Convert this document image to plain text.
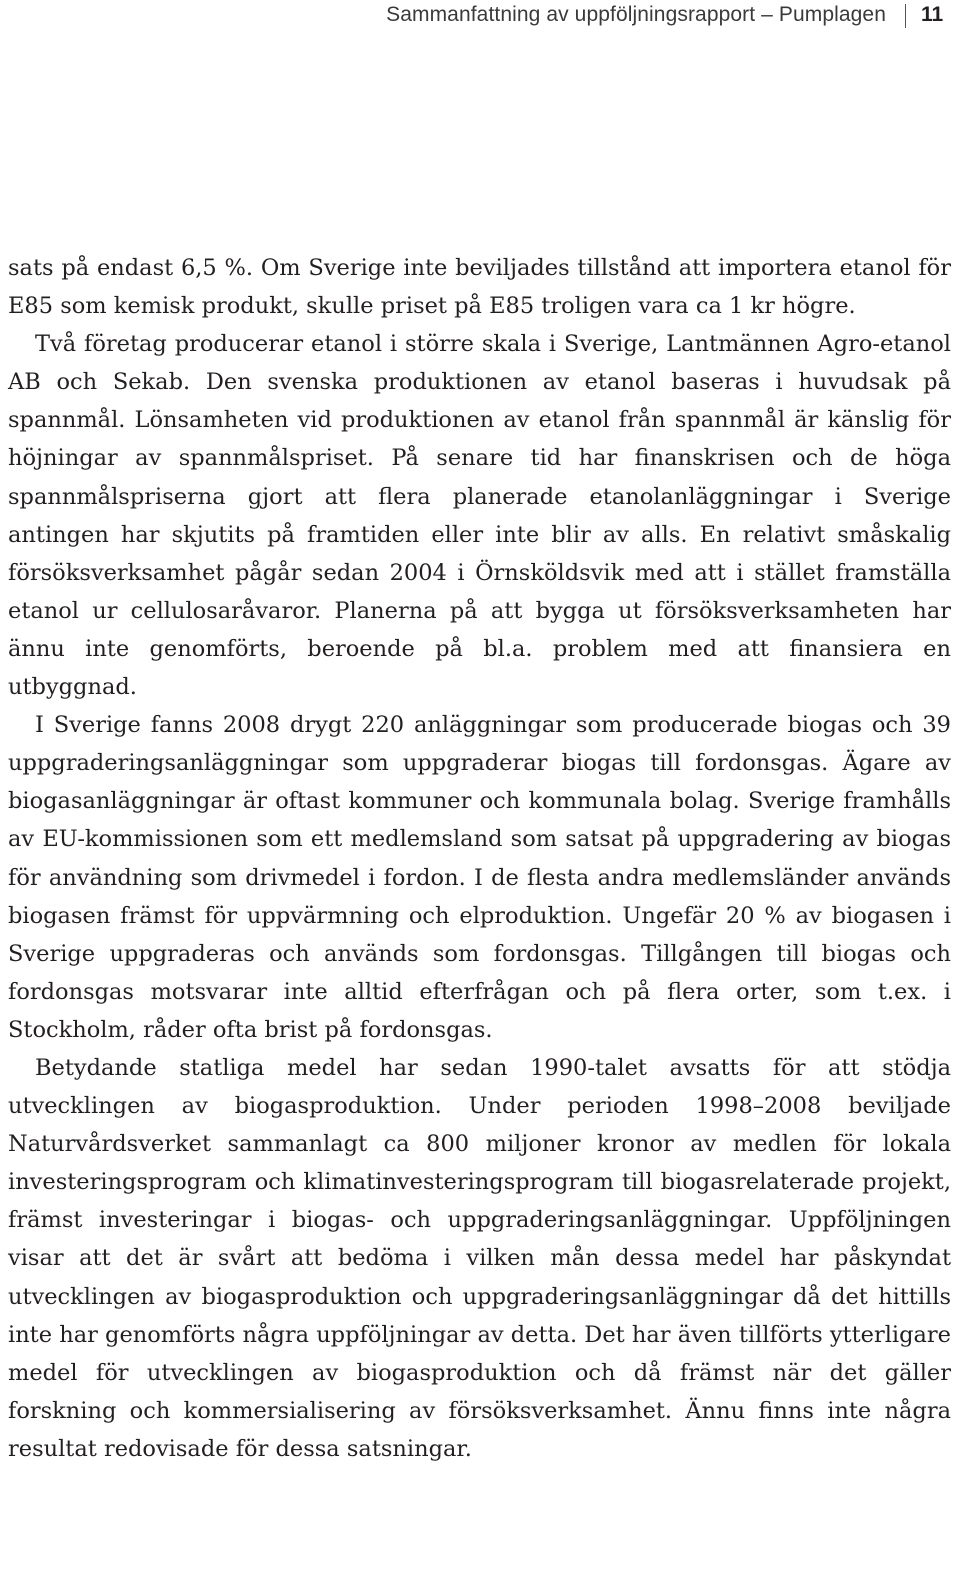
Sammanfattning av uppföljningsrapport – Pumplagen 11

sats på endast 6,5 %. Om Sverige inte beviljades tillstånd att importera etanol för E85 som kemisk produkt, skulle priset på E85 troligen vara ca 1 kr högre.

Två företag producerar etanol i större skala i Sverige, Lantmännen Agro-etanol AB och Sekab. Den svenska produktionen av etanol baseras i huvudsak på spannmål. Lönsamheten vid produktionen av etanol från spannmål är känslig för höjningar av spannmålspriset. På senare tid har finanskrisen och de höga spannmålspriserna gjort att flera planerade etanolanläggningar i Sverige antingen har skjutits på framtiden eller inte blir av alls. En relativt småskalig försöksverksamhet pågår sedan 2004 i Örnsköldsvik med att i stället framställa etanol ur cellulosaråvaror. Planerna på att bygga ut försöksverksamheten har ännu inte genomförts, beroende på bl.a. problem med att finansiera en utbyggnad.

I Sverige fanns 2008 drygt 220 anläggningar som producerade biogas och 39 uppgraderingsanläggningar som uppgraderar biogas till fordonsgas. Ägare av biogasanläggningar är oftast kommuner och kommunala bolag. Sverige framhålls av EU-kommissionen som ett medlemsland som satsat på uppgradering av biogas för användning som drivmedel i fordon. I de flesta andra medlemsländer används biogasen främst för uppvärmning och elproduktion. Ungefär 20 % av biogasen i Sverige uppgraderas och används som fordonsgas. Tillgången till biogas och fordonsgas motsvarar inte alltid efterfrågan och på flera orter, som t.ex. i Stockholm, råder ofta brist på fordonsgas.

Betydande statliga medel har sedan 1990-talet avsatts för att stödja utvecklingen av biogasproduktion. Under perioden 1998–2008 beviljade Naturvårdsverket sammanlagt ca 800 miljoner kronor av medlen för lokala investeringsprogram och klimatinvesteringsprogram till biogasrelaterade projekt, främst investeringar i biogas- och uppgraderingsanläggningar. Uppföljningen visar att det är svårt att bedöma i vilken mån dessa medel har påskyndat utvecklingen av biogasproduktion och uppgraderingsanläggningar då det hittills inte har genomförts några uppföljningar av detta. Det har även tillförts ytterligare medel för utvecklingen av biogasproduktion och då främst när det gäller forskning och kommersialisering av försöksverksamhet. Ännu finns inte några resultat redovisade för dessa satsningar.
